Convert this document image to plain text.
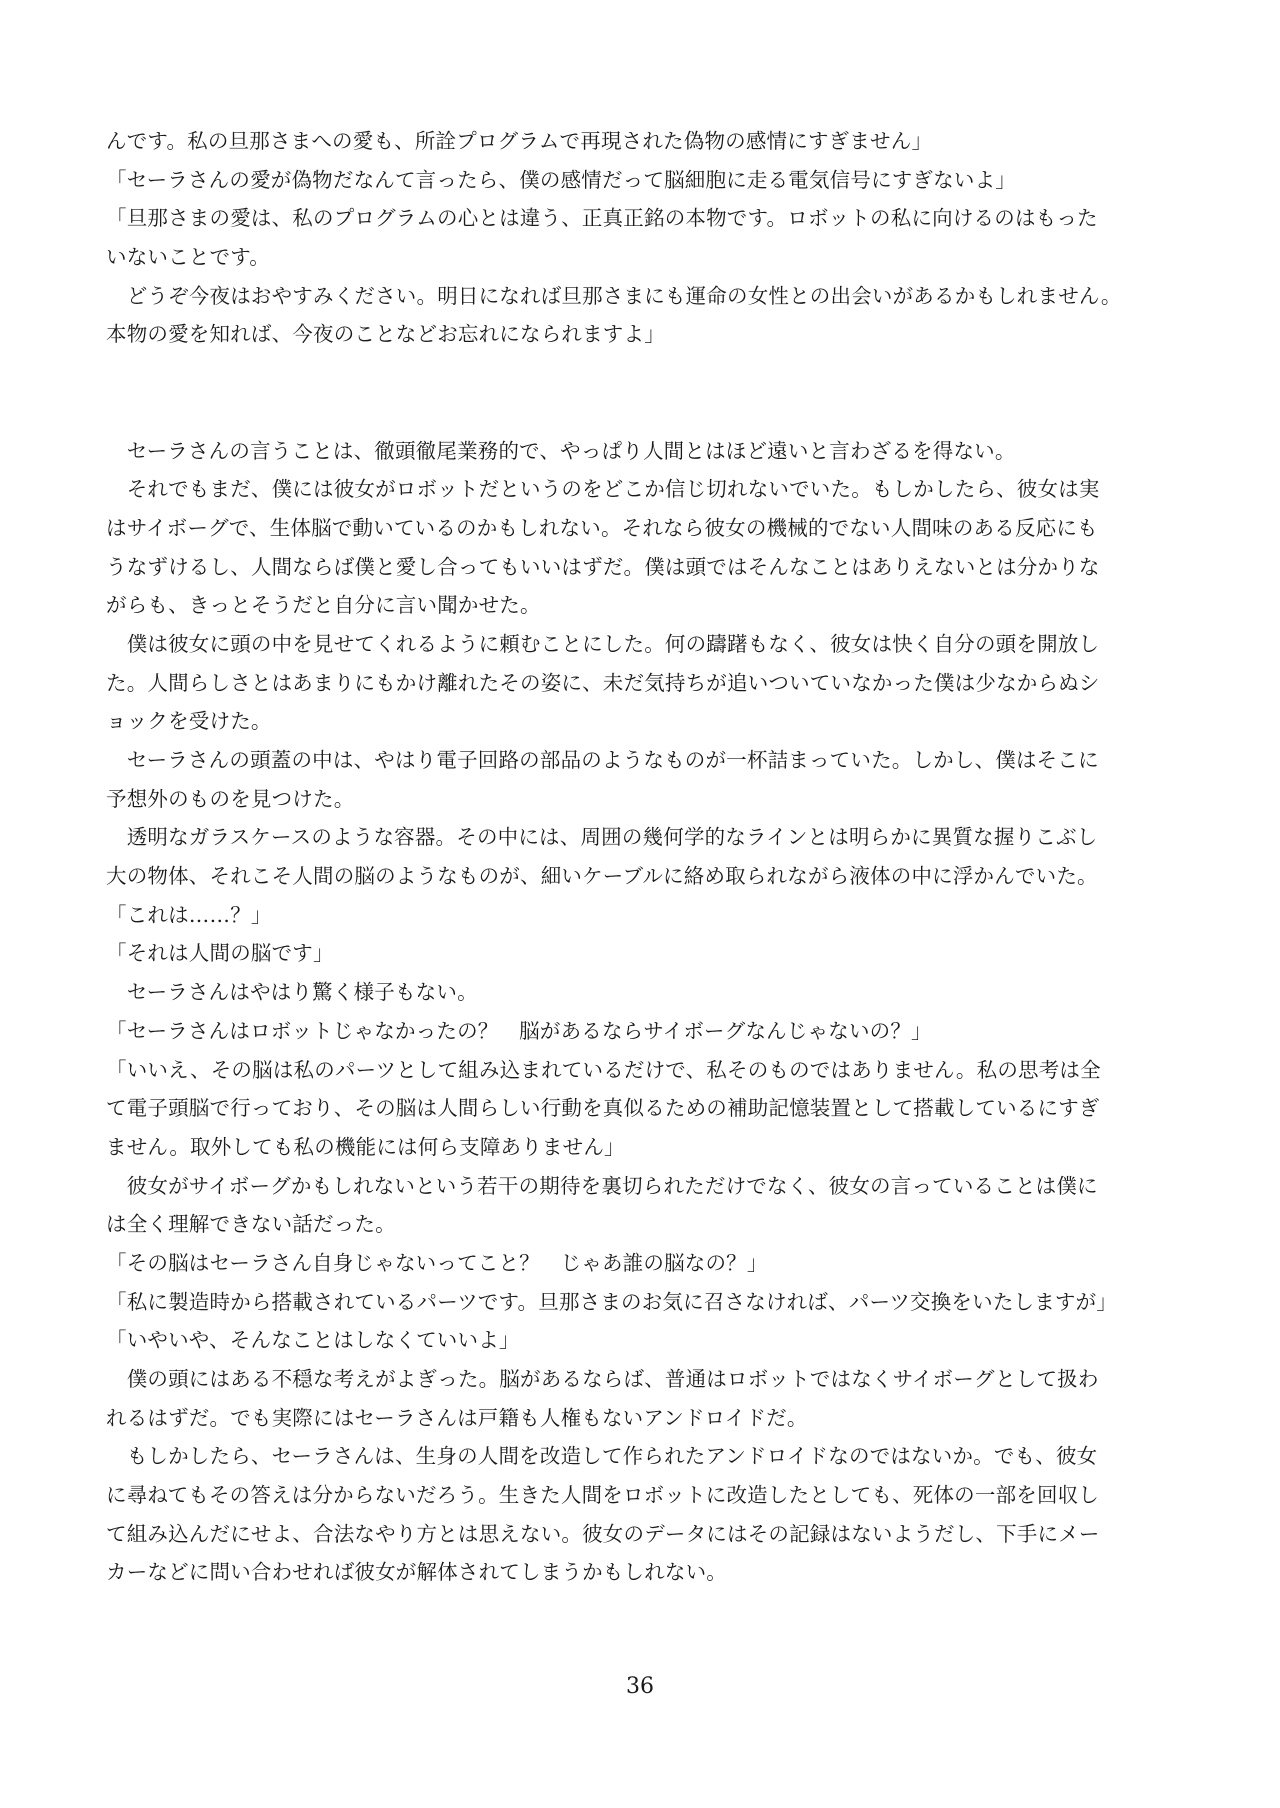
んです。私の旦那さまへの愛も、所詮プログラムで再現された偽物の感情にすぎません」
「セーラさんの愛が偽物だなんて言ったら、僕の感情だって脳細胞に走る電気信号にすぎないよ」
「旦那さまの愛は、私のプログラムの心とは違う、正真正銘の本物です。ロボットの私に向けるのはもった
いないことです。
　どうぞ今夜はおやすみください。明日になれば旦那さまにも運命の女性との出会いがあるかもしれません。
本物の愛を知れば、今夜のことなどお忘れになられますよ」
　セーラさんの言うことは、徹頭徹尾業務的で、やっぱり人間とはほど遠いと言わざるを得ない。
　それでもまだ、僕には彼女がロボットだというのをどこか信じ切れないでいた。もしかしたら、彼女は実
はサイボーグで、生体脳で動いているのかもしれない。それなら彼女の機械的でない人間味のある反応にも
うなずけるし、人間ならば僕と愛し合ってもいいはずだ。僕は頭ではそんなことはありえないとは分かりな
がらも、きっとそうだと自分に言い聞かせた。
　僕は彼女に頭の中を見せてくれるように頼むことにした。何の躊躇もなく、彼女は快く自分の頭を開放し
た。人間らしさとはあまりにもかけ離れたその姿に、未だ気持ちが追いついていなかった僕は少なからぬシ
ョックを受けた。
　セーラさんの頭蓋の中は、やはり電子回路の部品のようなものが一杯詰まっていた。しかし、僕はそこに
予想外のものを見つけた。
　透明なガラスケースのような容器。その中には、周囲の幾何学的なラインとは明らかに異質な握りこぶし
大の物体、それこそ人間の脳のようなものが、細いケーブルに絡め取られながら液体の中に浮かんでいた。
「これは……？」
「それは人間の脳です」
　セーラさんはやはり驚く様子もない。
「セーラさんはロボットじゃなかったの？　脳があるならサイボーグなんじゃないの？」
「いいえ、その脳は私のパーツとして組み込まれているだけで、私そのものではありません。私の思考は全
て電子頭脳で行っており、その脳は人間らしい行動を真似るための補助記憶装置として搭載しているにすぎ
ません。取外しても私の機能には何ら支障ありません」
　彼女がサイボーグかもしれないという若干の期待を裏切られただけでなく、彼女の言っていることは僕に
は全く理解できない話だった。
「その脳はセーラさん自身じゃないってこと？　じゃあ誰の脳なの？」
「私に製造時から搭載されているパーツです。旦那さまのお気に召さなければ、パーツ交換をいたしますが」
「いやいや、そんなことはしなくていいよ」
　僕の頭にはある不穏な考えがよぎった。脳があるならば、普通はロボットではなくサイボーグとして扱わ
れるはずだ。でも実際にはセーラさんは戸籍も人権もないアンドロイドだ。
　もしかしたら、セーラさんは、生身の人間を改造して作られたアンドロイドなのではないか。でも、彼女
に尋ねてもその答えは分からないだろう。生きた人間をロボットに改造したとしても、死体の一部を回収し
て組み込んだにせよ、合法なやり方とは思えない。彼女のデータにはその記録はないようだし、下手にメー
カーなどに問い合わせれば彼女が解体されてしまうかもしれない。
36
